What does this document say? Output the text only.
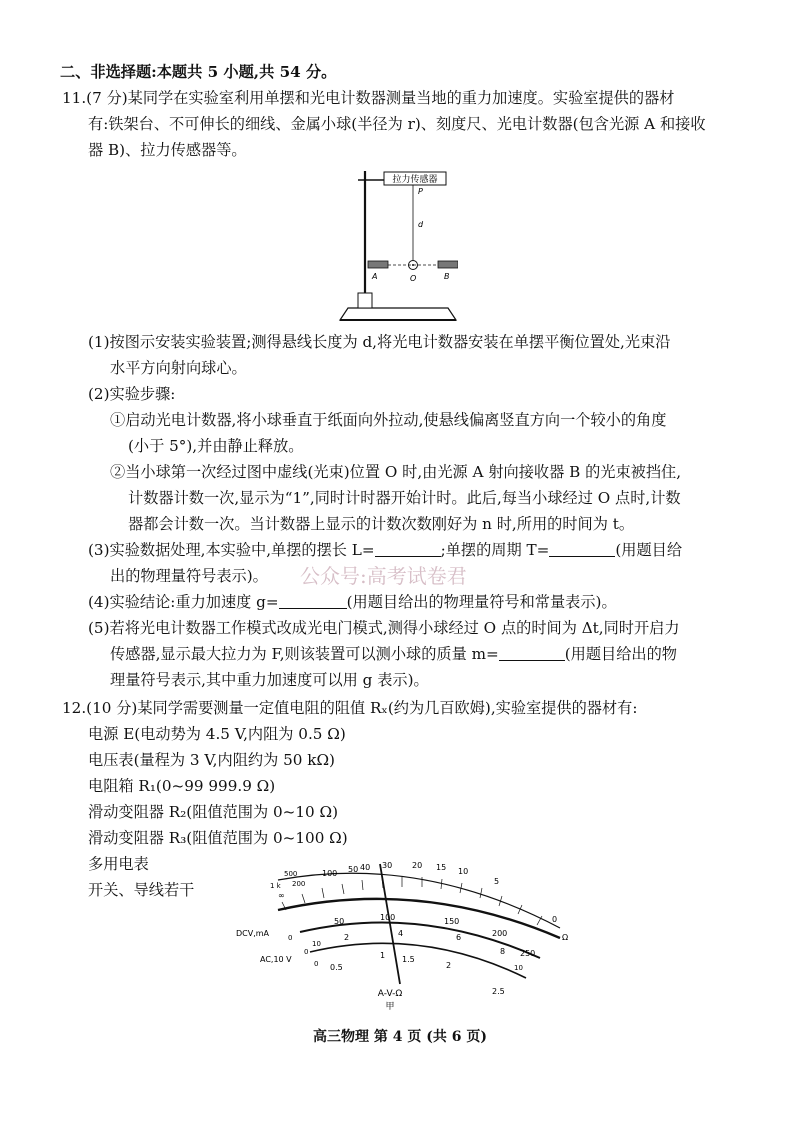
二、非选择题:本题共 5 小题,共 54 分。
11.(7 分)某同学在实验室利用单摆和光电计数器测量当地的重力加速度。实验室提供的器材
有:铁架台、不可伸长的细线、金属小球(半径为 r)、刻度尺、光电计数器(包含光源 A 和接收
器 B)、拉力传感器等。
拉力传感器
P
d
A	O	B
(1)按图示安装实验装置;测得悬线长度为 d,将光电计数器安装在单摆平衡位置处,光束沿
水平方向射向球心。
(2)实验步骤:
①启动光电计数器,将小球垂直于纸面向外拉动,使悬线偏离竖直方向一个较小的角度
(小于 5°),并由静止释放。
②当小球第一次经过图中虚线(光束)位置 O 时,由光源 A 射向接收器 B 的光束被挡住,
计数器计数一次,显示为“1”,同时计时器开始计时。此后,每当小球经过 O 点时,计数
器都会计数一次。当计数器上显示的计数次数刚好为 n 时,所用的时间为 t。
(3)实验数据处理,本实验中,单摆的摆长 L=	;单摆的周期 T=	(用题目给
出的物理量符号表示)。 公众号:高考试卷君
(4)实验结论:重力加速度 g=	(用题目给出的物理量符号和常量表示)。
(5)若将光电计数器工作模式改成光电门模式,测得小球经过 O 点的时间为 Δt,同时开启力
传感器,显示最大拉力为 F,则该装置可以测小球的质量 m=	(用题目给出的物
理量符号表示,其中重力加速度可以用 g 表示)。
12.(10 分)某同学需要测量一定值电阻的阻值 Rₓ(约为几百欧姆),实验室提供的器材有:
电源 E(电动势为 4.5 V,内阻为 0.5 Ω)
电压表(量程为 3 V,内阻约为 50 kΩ)
电阻箱 R₁(0~99 999.9 Ω)
滑动变阻器 R₂(阻值范围为 0~10 Ω)
滑动变阻器 R₃(阻值范围为 0~100 Ω)
多用电表
开关、导线若干	∞
1 k
500
200
100 50 40 30 20 15 10
5
0
Ω
DCV,mA	0
50	100	150
200
250
0
10
2	4	6
8
10
AC,10 V	0 0.5
1 1.5
2
2.5
A-V-Ω
甲
高三物理 第 4 页 (共 6 页)
